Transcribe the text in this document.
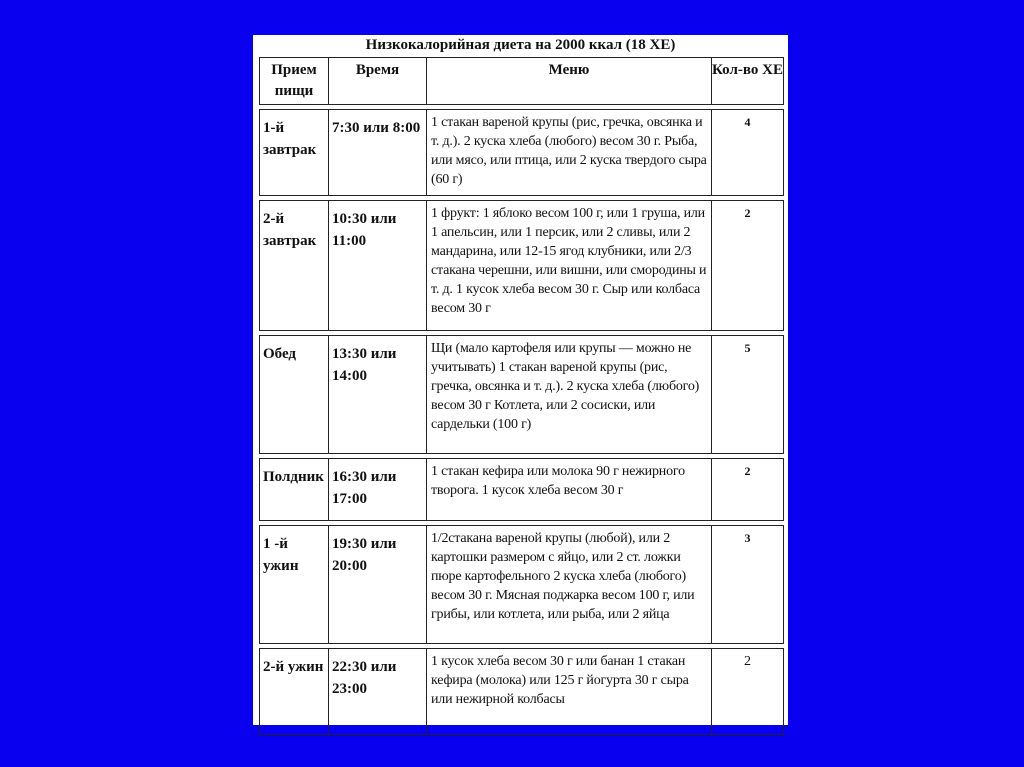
Низкокалорийная диета на 2000 ккал (18 ХЕ)
Прием пищи	Время	Меню	Кол-во ХЕ

1-й завтрак	7:30 или 8:00	1 стакан вареной крупы (рис, гречка, овсянка и т. д.). 2 куска хлеба (любого) весом 30 г. Рыба, или мясо, или птица, или 2 куска твердого сыра (60 г)	4

2-й завтрак	10:30 или 11:00	1 фрукт: 1 яблоко весом 100 г, или 1 груша, или 1 апельсин, или 1 персик, или 2 сливы, или 2 мандарина, или 12-15 ягод клубники, или 2/3 стакана черешни, или вишни, или смородины и т. д. 1 кусок хлеба весом 30 г. Сыр или колбаса весом 30 г	2

Обед	13:30 или 14:00	Щи (мало картофеля или крупы — можно не учитывать) 1 стакан вареной крупы (рис, гречка, овсянка и т. д.). 2 куска хлеба (любого) весом 30 г Котлета, или 2 сосиски, или сардельки (100 г)	5

Полдник	16:30 или 17:00	1 стакан кефира или молока 90 г нежирного творога. 1 кусок хлеба весом 30 г	2

1 -й ужин	19:30 или 20:00	1/2стакана вареной крупы (любой), или 2 картошки размером с яйцо, или 2 ст. ложки пюре картофельного 2 куска хлеба (любого) весом 30 г. Мясная поджарка весом 100 г, или грибы, или котлета, или рыба, или 2 яйца	3

2-й ужин	22:30 или 23:00	1 кусок хлеба весом 30 г или банан 1 стакан кефира (молока) или 125 г йогурта 30 г сыра или нежирной колбасы	2
